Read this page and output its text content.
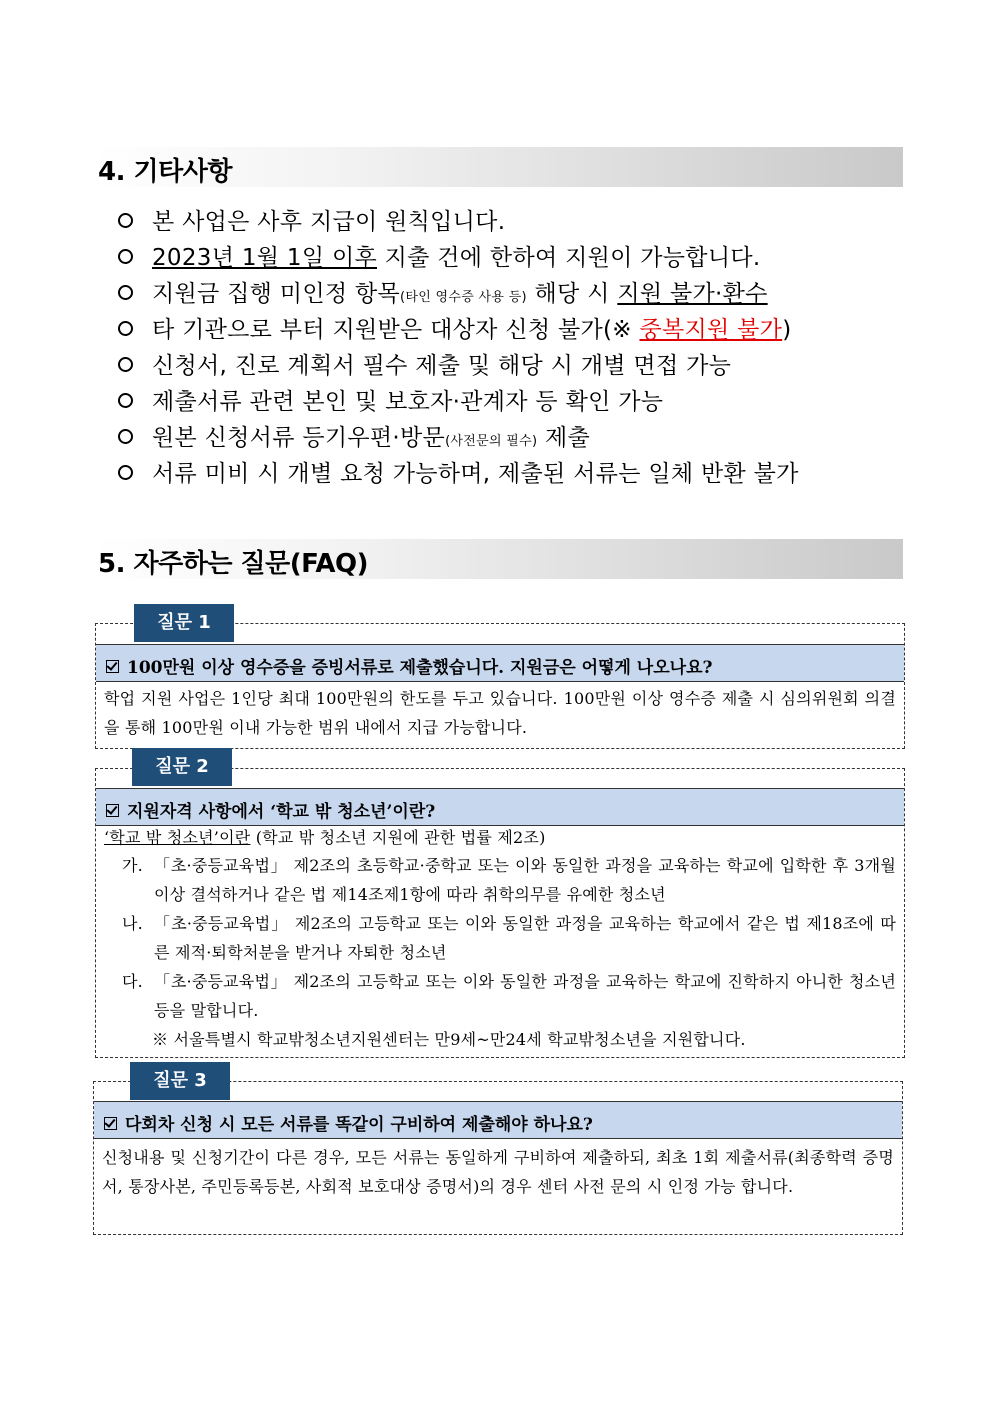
4. 기타사항
본 사업은 사후 지급이 원칙입니다.
2023년 1월 1일 이후 지출 건에 한하여 지원이 가능합니다.
지원금 집행 미인정 항목(타인 영수증 사용 등) 해당 시 지원 불가·환수
타 기관으로 부터 지원받은 대상자 신청 불가(※ 중복지원 불가)
신청서, 진로 계획서 필수 제출 및 해당 시 개별 면접 가능
제출서류 관련 본인 및 보호자·관계자 등 확인 가능
원본 신청서류 등기우편·방문(사전문의 필수) 제출
서류 미비 시 개별 요청 가능하며, 제출된 서류는 일체 반환 불가
5. 자주하는 질문(FAQ)
100만원 이상 영수증을 증빙서류로 제출했습니다. 지원금은 어떻게 나오나요?
학업 지원 사업은 1인당 최대 100만원의 한도를 두고 있습니다. 100만원 이상 영수증 제출 시 심의위원회 의결을 통해 100만원 이내 가능한 범위 내에서 지급 가능합니다.
질문 1
지원자격 사항에서 ‘학교 밖 청소년’이란?
‘학교 밖 청소년’이란 (학교 밖 청소년 지원에 관한 법률 제2조)
가. 「초·중등교육법」 제2조의 초등학교·중학교 또는 이와 동일한 과정을 교육하는 학교에 입학한 후 3개월 이상 결석하거나 같은 법 제14조제1항에 따라 취학의무를 유예한 청소년
나. 「초·중등교육법」 제2조의 고등학교 또는 이와 동일한 과정을 교육하는 학교에서 같은 법 제18조에 따른 제적·퇴학처분을 받거나 자퇴한 청소년
다. 「초·중등교육법」 제2조의 고등학교 또는 이와 동일한 과정을 교육하는 학교에 진학하지 아니한 청소년 등을 말합니다.
※ 서울특별시 학교밖청소년지원센터는 만9세~만24세 학교밖청소년을 지원합니다.
질문 2
다회차 신청 시 모든 서류를 똑같이 구비하여 제출해야 하나요?
신청내용 및 신청기간이 다른 경우, 모든 서류는 동일하게 구비하여 제출하되, 최초 1회 제출서류(최종학력 증명서, 통장사본, 주민등록등본, 사회적 보호대상 증명서)의 경우 센터 사전 문의 시 인정 가능 합니다.
질문 3
